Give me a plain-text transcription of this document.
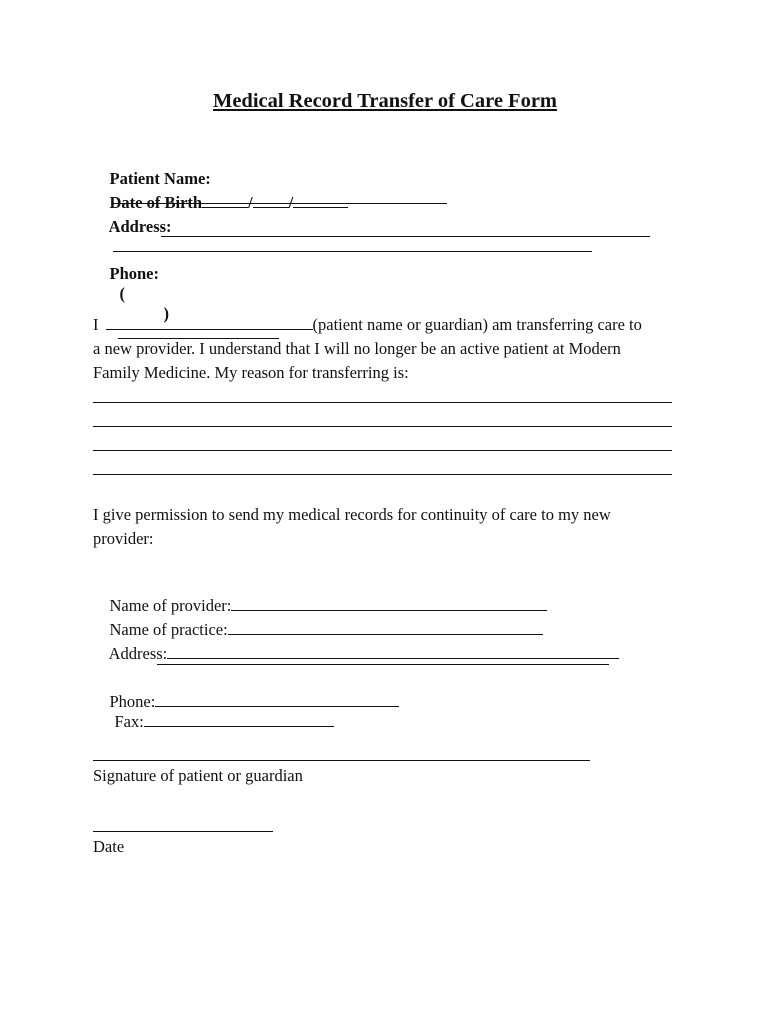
Medical Record Transfer of Care Form

Patient Name:

Date of Birth	/ /

Address:

Phone:
(
)

I	(patient name or guardian) am transferring care to
a new provider. I understand that I will no longer be an active patient at Modern
Family Medicine. My reason for transferring is:
I give permission to send my medical records for continuity of care to my new
provider:

Name of provider:

Name of practice:

Address:

Phone:
Fax:

Signature of patient or guardian
Date
